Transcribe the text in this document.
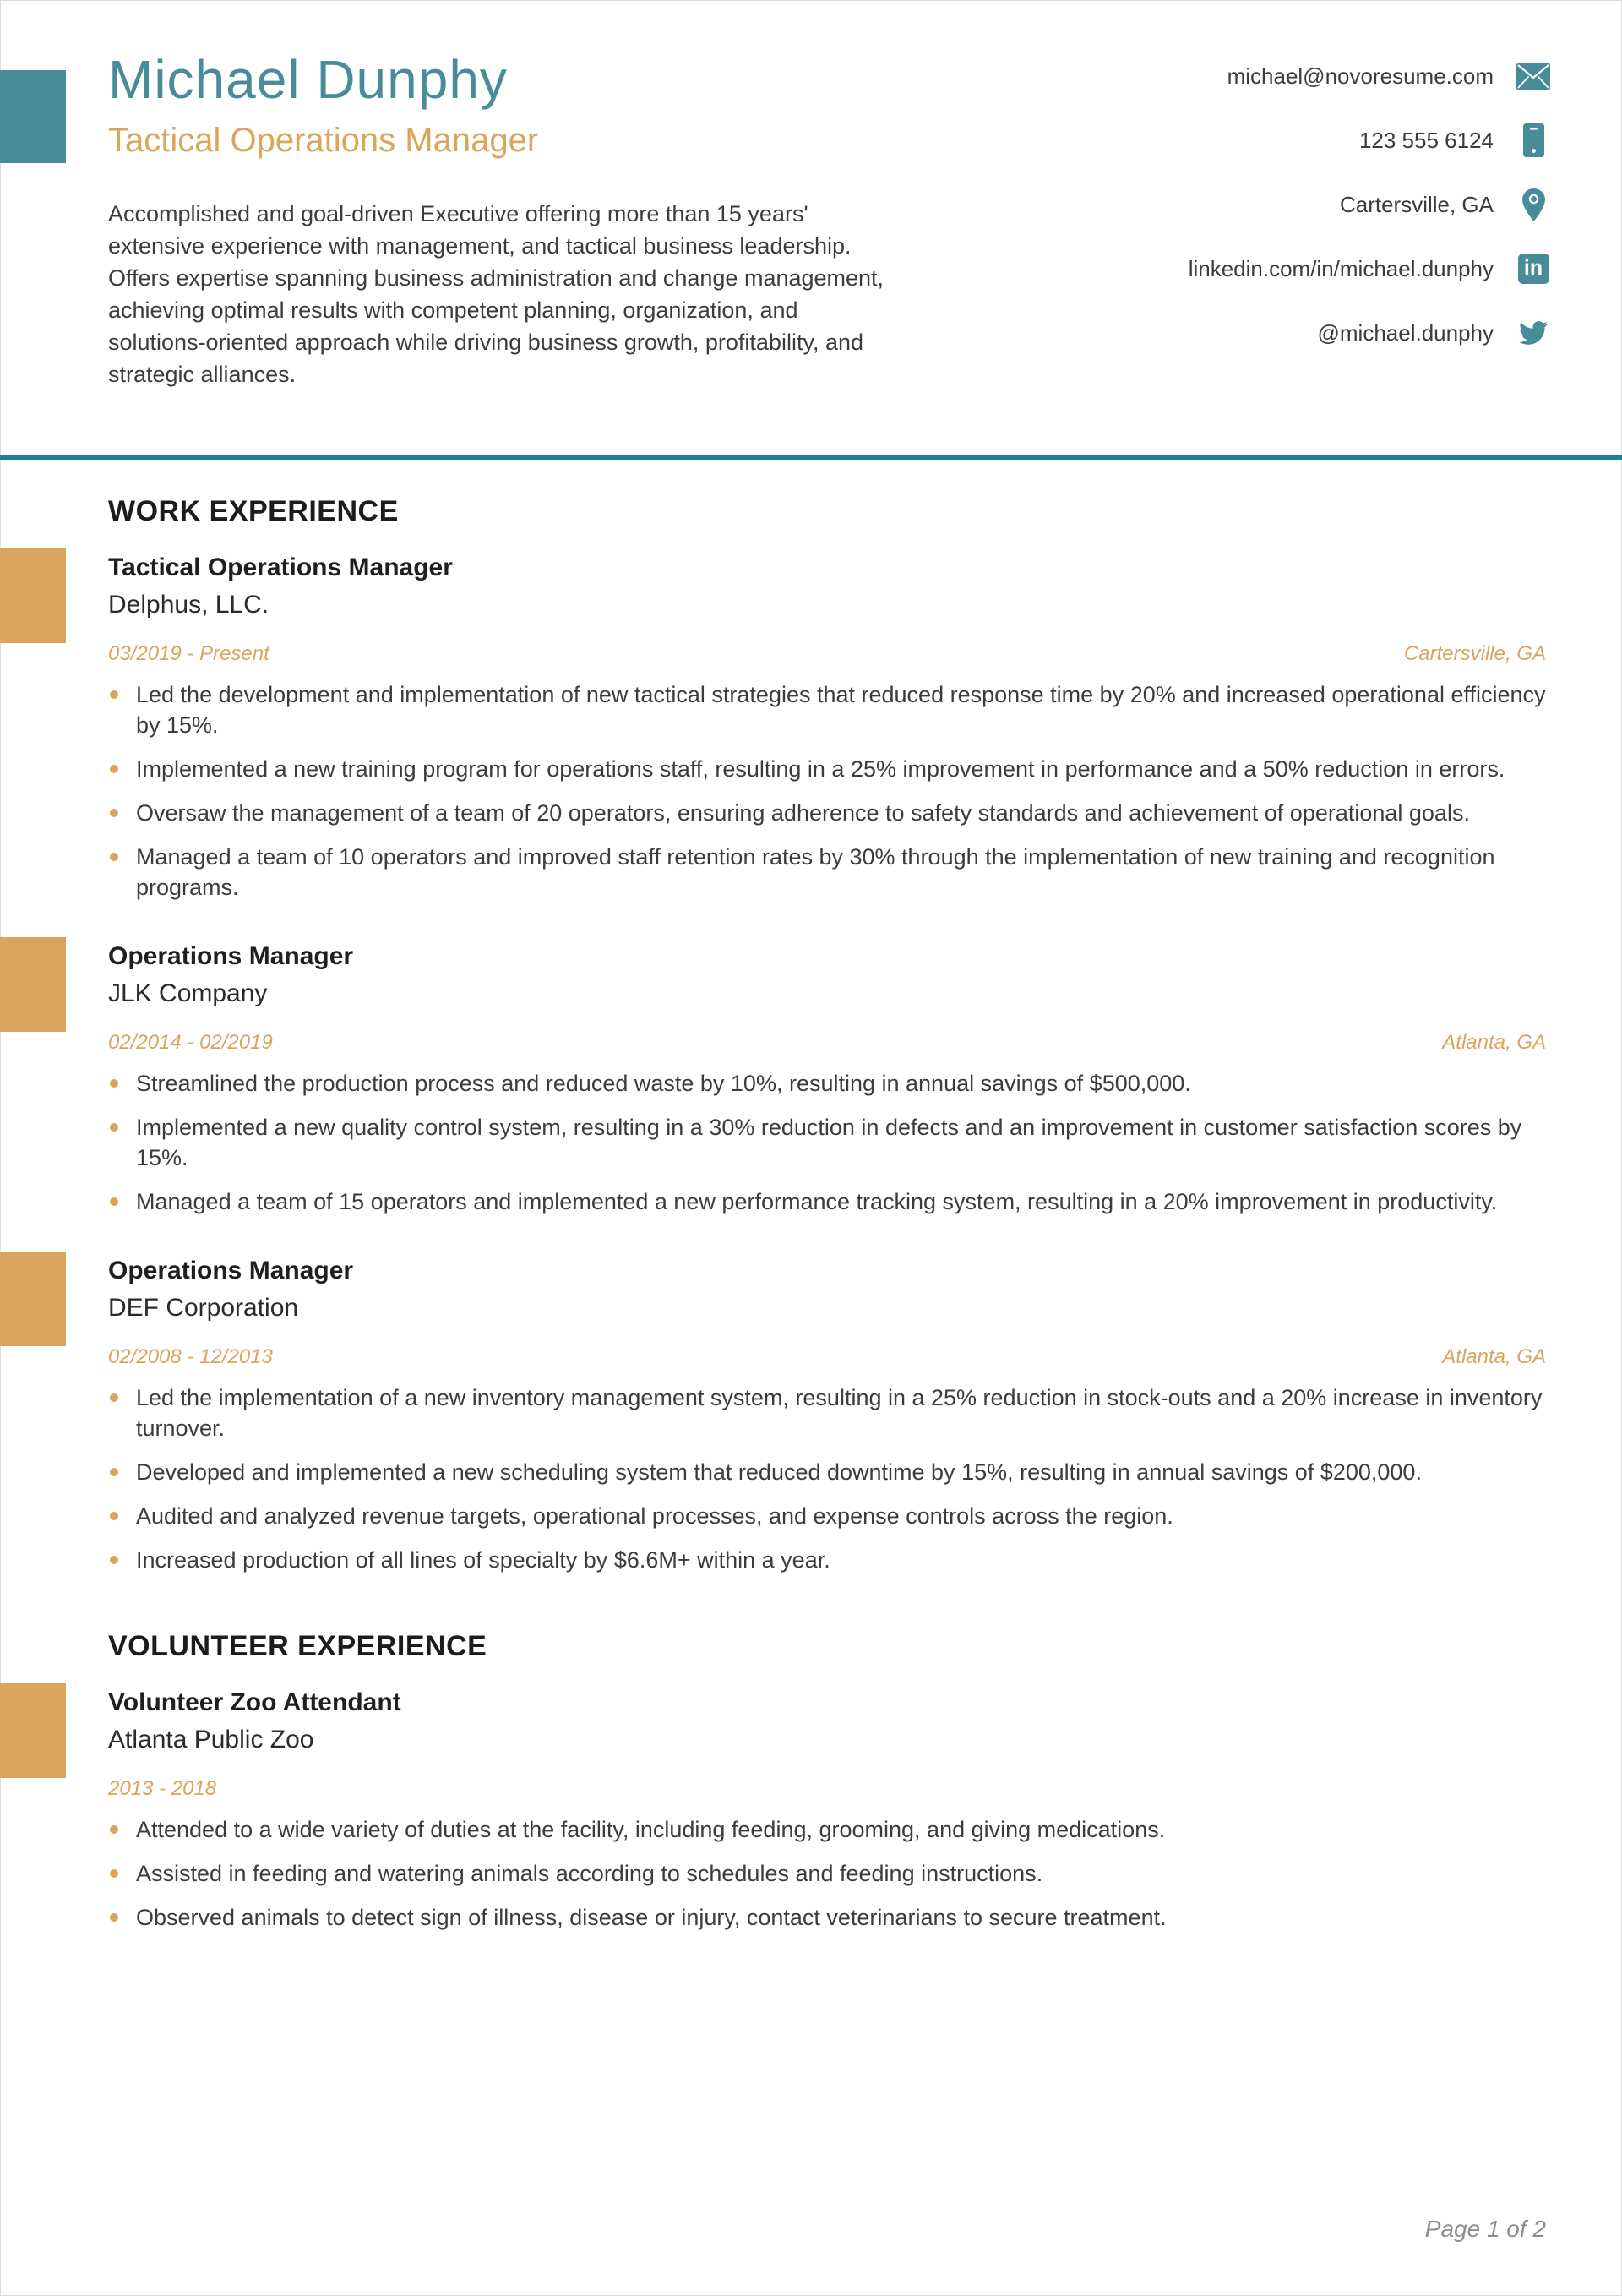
Michael Dunphy
Tactical Operations Manager
Accomplished and goal-driven Executive offering more than 15 years' extensive experience with management, and tactical business leadership. Offers expertise spanning business administration and change management, achieving optimal results with competent planning, organization, and solutions-oriented approach while driving business growth, profitability, and strategic alliances.
michael@novoresume.com
123 555 6124
Cartersville, GA
linkedin.com/in/michael.dunphy in
@michael.dunphy
WORK EXPERIENCE
Tactical Operations Manager
Delphus, LLC.
03/2019 - Present	Cartersville, GA
Led the development and implementation of new tactical strategies that reduced response time by 20% and increased operational efficiency by 15%.
Implemented a new training program for operations staff, resulting in a 25% improvement in performance and a 50% reduction in errors.
Oversaw the management of a team of 20 operators, ensuring adherence to safety standards and achievement of operational goals.
Managed a team of 10 operators and improved staff retention rates by 30% through the implementation of new training and recognition programs.
Operations Manager
JLK Company
02/2014 - 02/2019	Atlanta, GA
Streamlined the production process and reduced waste by 10%, resulting in annual savings of $500,000.
Implemented a new quality control system, resulting in a 30% reduction in defects and an improvement in customer satisfaction scores by 15%.
Managed a team of 15 operators and implemented a new performance tracking system, resulting in a 20% improvement in productivity.
Operations Manager
DEF Corporation
02/2008 - 12/2013	Atlanta, GA
Led the implementation of a new inventory management system, resulting in a 25% reduction in stock-outs and a 20% increase in inventory turnover.
Developed and implemented a new scheduling system that reduced downtime by 15%, resulting in annual savings of $200,000.
Audited and analyzed revenue targets, operational processes, and expense controls across the region.
Increased production of all lines of specialty by $6.6M+ within a year.
VOLUNTEER EXPERIENCE
Volunteer Zoo Attendant
Atlanta Public Zoo
2013 - 2018
Attended to a wide variety of duties at the facility, including feeding, grooming, and giving medications.
Assisted in feeding and watering animals according to schedules and feeding instructions.
Observed animals to detect sign of illness, disease or injury, contact veterinarians to secure treatment.
Page 1 of 2
